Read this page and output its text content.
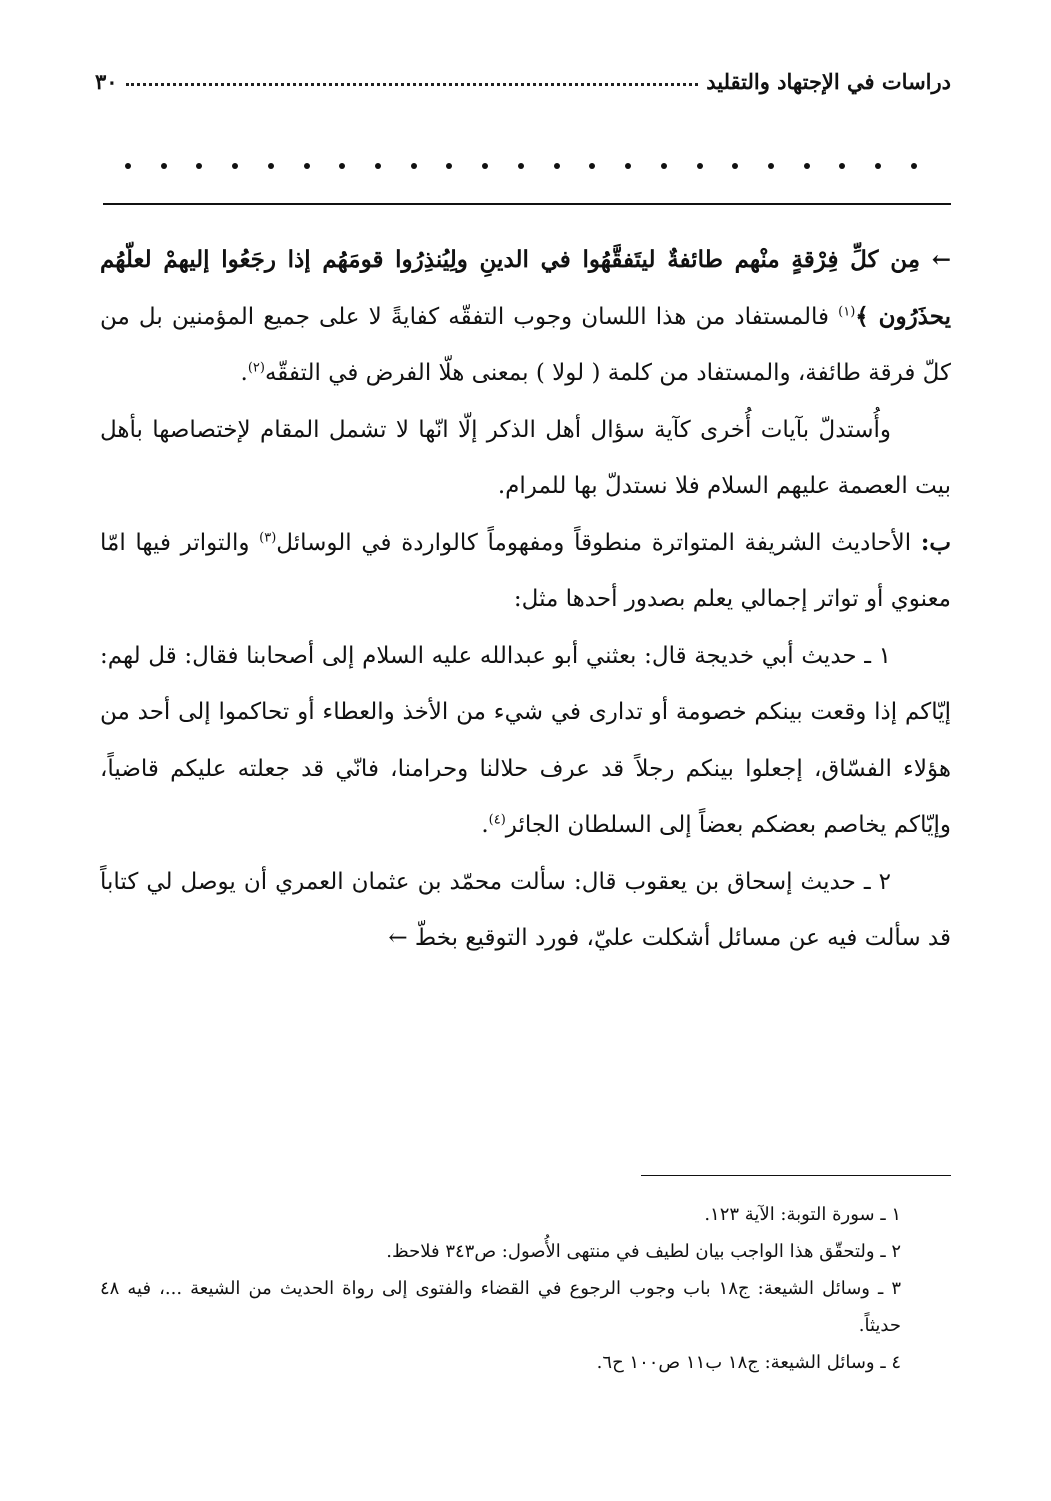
دراسات في الإجتهاد والتقليد
٣٠

← مِن كلِّ فِرْقةٍ منْهم طائفةٌ ليتَفقَّهُوا في الدينِ ولِيُنذِرُوا قومَهُم إذا رجَعُوا إليهمْ لعلّهُم يحذَرُون ﴾$^{(١)}$ فالمستفاد من هذا اللسان وجوب التفقّه كفايةً لا على جميع المؤمنين بل من كلّ فرقة طائفة، والمستفاد من كلمة ( لولا ) بمعنى هلّا الفرض في التفقّه$^{(٢)}$.

وأُستدلّ بآيات أُخرى كآية سؤال أهل الذكر إلّا انّها لا تشمل المقام لإختصاصها بأهل بيت العصمة عليهم السلام فلا نستدلّ بها للمرام.

ب: الأحاديث الشريفة المتواترة منطوقاً ومفهوماً كالواردة في الوسائل$^{(٣)}$ والتواتر فيها امّا معنوي أو تواتر إجمالي يعلم بصدور أحدها مثل:

١ ـ حديث أبي خديجة قال: بعثني أبو عبدالله عليه السلام إلى أصحابنا فقال: قل لهم: إيّاكم إذا وقعت بينكم خصومة أو تدارى في شيء من الأخذ والعطاء أو تحاكموا إلى أحد من هؤلاء الفسّاق، إجعلوا بينكم رجلاً قد عرف حلالنا وحرامنا، فانّي قد جعلته عليكم قاضياً، وإيّاكم يخاصم بعضكم بعضاً إلى السلطان الجائر$^{(٤)}$.

٢ ـ حديث إسحاق بن يعقوب قال: سألت محمّد بن عثمان العمري أن يوصل لي كتاباً قد سألت فيه عن مسائل أشكلت عليّ، فورد التوقيع بخطّ ←

١ ـ سورة التوبة: الآية ١٢٣.

٢ ـ ولتحقّق هذا الواجب بيان لطيف في منتهى الأُصول: ص٣٤٣ فلاحظ.

٣ ـ وسائل الشيعة: ج١٨ باب وجوب الرجوع في القضاء والفتوى إلى رواة الحديث من الشيعة ...، فيه ٤٨ حديثاً.

٤ ـ وسائل الشيعة: ج١٨ ب١١ ص١٠٠ ح٦.
